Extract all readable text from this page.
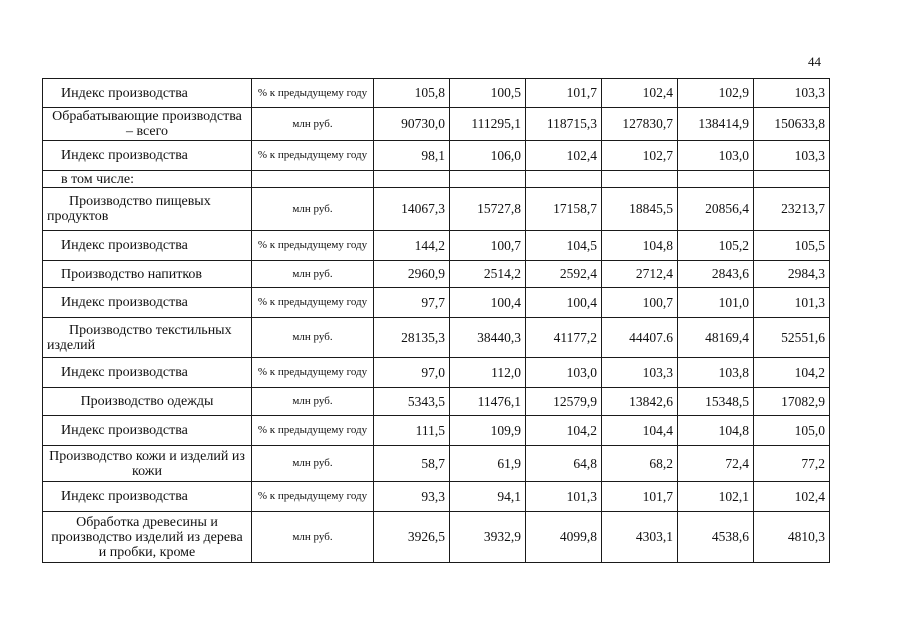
44
Индекс производства	% к предыдущему году	105,8	100,5	101,7	102,4	102,9	103,3
Обрабатывающие производства – всего	млн руб.	90730,0	111295,1	118715,3	127830,7	138414,9	150633,8
Индекс производства	% к предыдущему году	98,1	106,0	102,4	102,7	103,0	103,3
в том числе:							
Производство пищевых продуктов	млн руб.	14067,3	15727,8	17158,7	18845,5	20856,4	23213,7
Индекс производства	% к предыдущему году	144,2	100,7	104,5	104,8	105,2	105,5
Производство напитков	млн руб.	2960,9	2514,2	2592,4	2712,4	2843,6	2984,3
Индекс производства	% к предыдущему году	97,7	100,4	100,4	100,7	101,0	101,3
Производство текстильных изделий	млн руб.	28135,3	38440,3	41177,2	44407.6	48169,4	52551,6
Индекс производства	% к предыдущему году	97,0	112,0	103,0	103,3	103,8	104,2
Производство одежды	млн руб.	5343,5	11476,1	12579,9	13842,6	15348,5	17082,9
Индекс производства	% к предыдущему году	111,5	109,9	104,2	104,4	104,8	105,0
Производство кожи и изделий из кожи	млн руб.	58,7	61,9	64,8	68,2	72,4	77,2
Индекс производства	% к предыдущему году	93,3	94,1	101,3	101,7	102,1	102,4
Обработка древесины и производство изделий из дерева и пробки, кроме	млн руб.	3926,5	3932,9	4099,8	4303,1	4538,6	4810,3
